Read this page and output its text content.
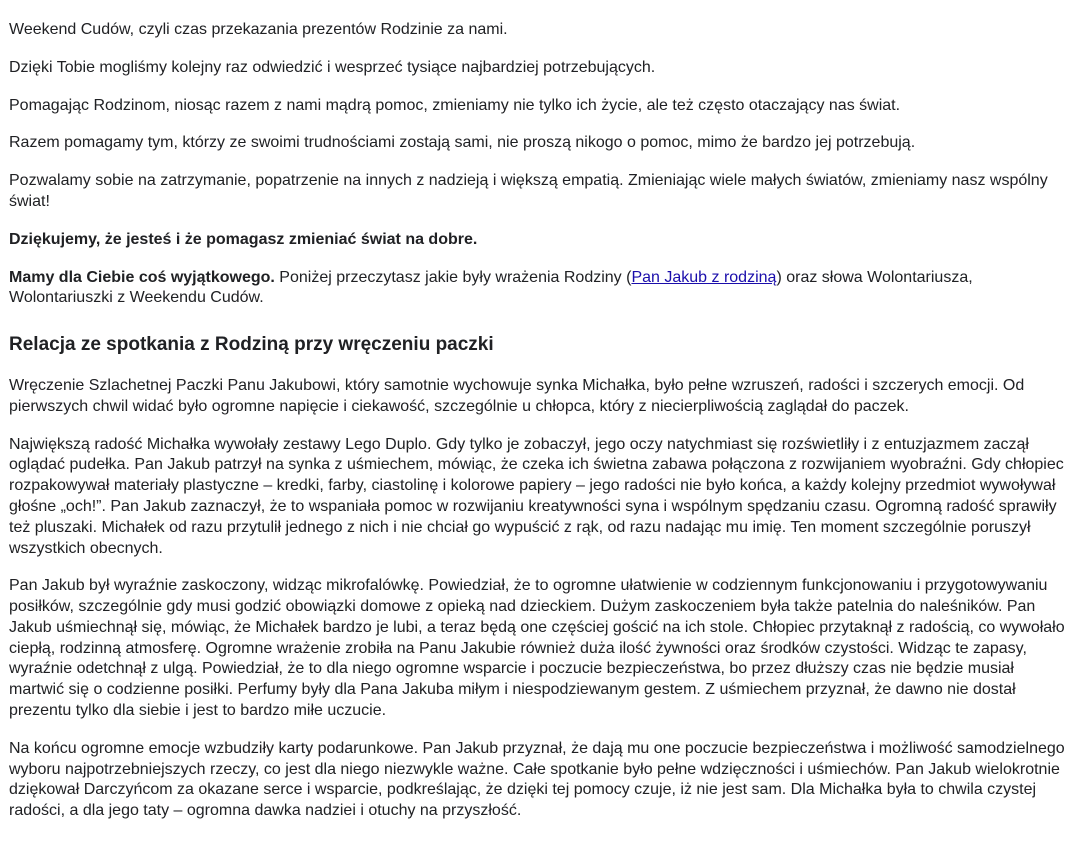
Weekend Cudów, czyli czas przekazania prezentów Rodzinie za nami.

Dzięki Tobie mogliśmy kolejny raz odwiedzić i wesprzeć tysiące najbardziej potrzebujących.

Pomagając Rodzinom, niosąc razem z nami mądrą pomoc, zmieniamy nie tylko ich życie, ale też często otaczający nas świat.

Razem pomagamy tym, którzy ze swoimi trudnościami zostają sami, nie proszą nikogo o pomoc, mimo że bardzo jej potrzebują.

Pozwalamy sobie na zatrzymanie, popatrzenie na innych z nadzieją i większą empatią. Zmieniając wiele małych światów, zmieniamy nasz wspólny świat!

Dziękujemy, że jesteś i że pomagasz zmieniać świat na dobre.

Mamy dla Ciebie coś wyjątkowego. Poniżej przeczytasz jakie były wrażenia Rodziny (Pan Jakub z rodziną) oraz słowa Wolontariusza, Wolontariuszki z Weekendu Cudów.

Relacja ze spotkania z Rodziną przy wręczeniu paczki

Wręczenie Szlachetnej Paczki Panu Jakubowi, który samotnie wychowuje synka Michałka, było pełne wzruszeń, radości i szczerych emocji. Od pierwszych chwil widać było ogromne napięcie i ciekawość, szczególnie u chłopca, który z niecierpliwością zaglądał do paczek.

Największą radość Michałka wywołały zestawy Lego Duplo. Gdy tylko je zobaczył, jego oczy natychmiast się rozświetliły i z entuzjazmem zaczął oglądać pudełka. Pan Jakub patrzył na synka z uśmiechem, mówiąc, że czeka ich świetna zabawa połączona z rozwijaniem wyobraźni. Gdy chłopiec rozpakowywał materiały plastyczne – kredki, farby, ciastolinę i kolorowe papiery – jego radości nie było końca, a każdy kolejny przedmiot wywoływał głośne „och!”. Pan Jakub zaznaczył, że to wspaniała pomoc w rozwijaniu kreatywności syna i wspólnym spędzaniu czasu. Ogromną radość sprawiły też pluszaki. Michałek od razu przytulił jednego z nich i nie chciał go wypuścić z rąk, od razu nadając mu imię. Ten moment szczególnie poruszył wszystkich obecnych.

Pan Jakub był wyraźnie zaskoczony, widząc mikrofalówkę. Powiedział, że to ogromne ułatwienie w codziennym funkcjonowaniu i przygotowywaniu posiłków, szczególnie gdy musi godzić obowiązki domowe z opieką nad dzieckiem. Dużym zaskoczeniem była także patelnia do naleśników. Pan Jakub uśmiechnął się, mówiąc, że Michałek bardzo je lubi, a teraz będą one częściej gościć na ich stole. Chłopiec przytaknął z radością, co wywołało ciepłą, rodzinną atmosferę. Ogromne wrażenie zrobiła na Panu Jakubie również duża ilość żywności oraz środków czystości. Widząc te zapasy, wyraźnie odetchnął z ulgą. Powiedział, że to dla niego ogromne wsparcie i poczucie bezpieczeństwa, bo przez dłuższy czas nie będzie musiał martwić się o codzienne posiłki. Perfumy były dla Pana Jakuba miłym i niespodziewanym gestem. Z uśmiechem przyznał, że dawno nie dostał prezentu tylko dla siebie i jest to bardzo miłe uczucie.

Na końcu ogromne emocje wzbudziły karty podarunkowe. Pan Jakub przyznał, że dają mu one poczucie bezpieczeństwa i możliwość samodzielnego wyboru najpotrzebniejszych rzeczy, co jest dla niego niezwykle ważne. Całe spotkanie było pełne wdzięczności i uśmiechów. Pan Jakub wielokrotnie dziękował Darczyńcom za okazane serce i wsparcie, podkreślając, że dzięki tej pomocy czuje, iż nie jest sam. Dla Michałka była to chwila czystej radości, a dla jego taty – ogromna dawka nadziei i otuchy na przyszłość.
